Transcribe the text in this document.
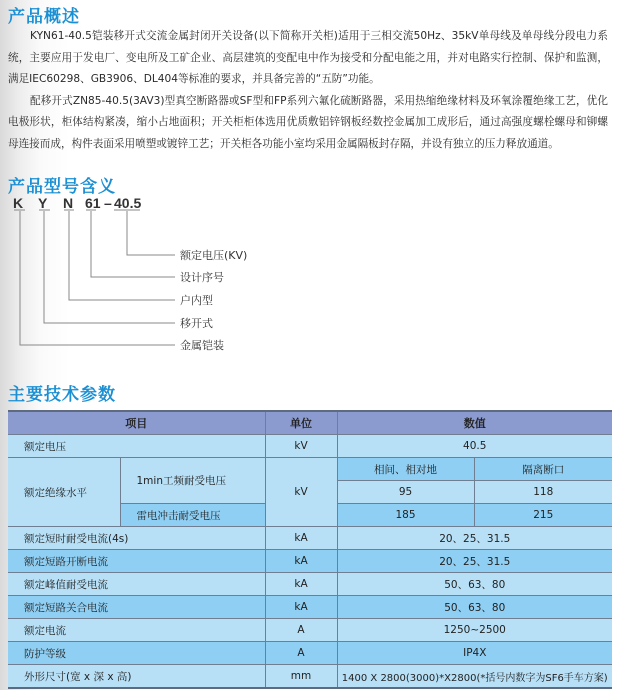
产品概述

KYN61-40.5铠装移开式交流金属封闭开关设备(以下简称开关柜)适用于三相交流50Hz、35kV单母线及单母线分段电力系统，主要应用于发电厂、变电所及工矿企业、高层建筑的变配电中作为接受和分配电能之用，并对电路实行控制、保护和监测，满足IEC60298、GB3906、DL404等标准的要求，并具备完善的“五防”功能。

配移开式ZN85-40.5(3AV3)型真空断路器或SF型和FP系列六氟化硫断路器，采用热缩绝缘材料及环氧涂覆绝缘工艺，优化电极形状，柜体结构紧凑，缩小占地面积；开关柜柜体选用优质敷铝锌钢板经数控金属加工成形后，通过高强度螺栓螺母和铆螺母连接而成，构件表面采用喷塑或镀锌工艺；开关柜各功能小室均采用金属隔板封存隔，并设有独立的压力释放通道。

产品型号含义
K Y N 61 – 40.5
额定电压(KV)
设计序号
户内型
移开式
金属铠装
主要技术参数
项目		单位	数值	
额定电压		kV	40.5	
额定绝缘水平	1min工频耐受电压	kV	相间、相对地	隔离断口
			95	118
	雷电冲击耐受电压		185	215
额定短时耐受电流(4s)		kA	20、25、31.5	
额定短路开断电流		kA	20、25、31.5	
额定峰值耐受电流		kA	50、63、80	
额定短路关合电流		kA	50、63、80	
额定电流		A	1250~2500	
防护等级		A	IP4X	
外形尺寸(宽 x 深 x 高)		mm	1400 X 2800(3000)*X2800(*括号内数字为SF6手车方案)	
